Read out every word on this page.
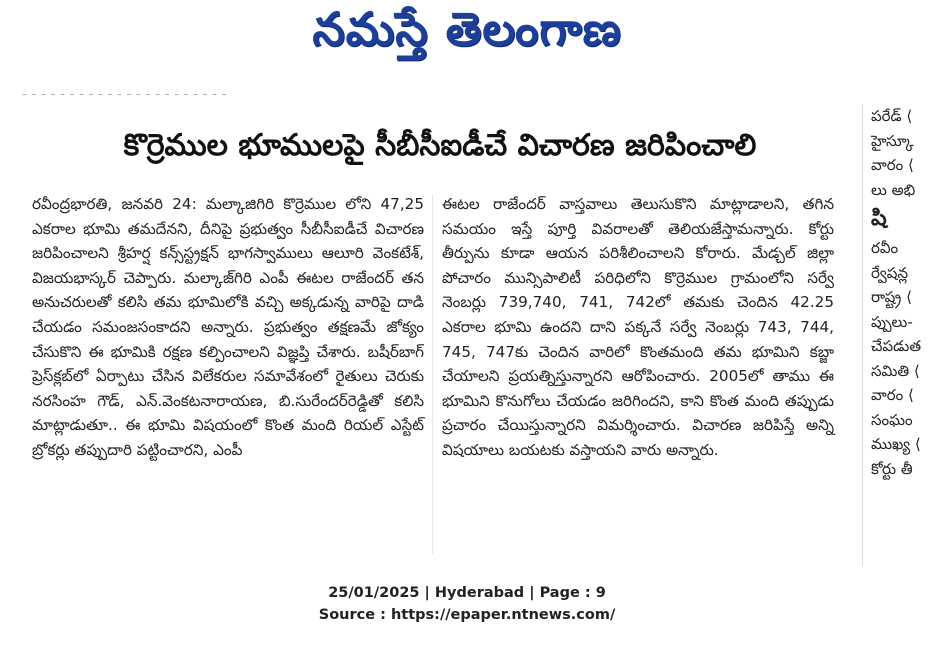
నమస్తే తెలంగాణ
- - - - - - - - - - - - - - - - - - - - - -
కొర్రెముల భూములపై సీబీసీఐడీచే విచారణ జరిపించాలి
రవీంద్రభారతి, జనవరి 24: మల్కాజిగిరి కొర్రెముల లోని 47,25 ఎకరాల భూమి తమదేనని, దీనిపై ప్రభుత్వం సీబీసీఐడీచే విచారణ జరిపించాలని శ్రీహర్ష కన్స్‌స్ట్రక్షన్ భాగస్వాములు ఆలూరి వెంకటేశ్, విజయభాస్కర్ చెప్పారు. మల్కాజ్‌గిరి ఎంపీ ఈటల రాజేందర్ తన అనుచరులతో కలిసి తమ భూమిలోకి వచ్చి అక్కడున్న వారిపై దాడి చేయడం సమంజసంకాదని అన్నారు. ప్రభుత్వం తక్షణమే జోక్యం చేసుకొని ఈ భూమికి రక్షణ కల్పించాలని విజ్ఞప్తి చేశారు. బషీర్‌బాగ్ ప్రెస్‌క్లబ్‌లో ఏర్పాటు చేసిన విలేకరుల సమావేశంలో రైతులు చెరుకు నరసింహ గౌడ్, ఎన్.వెంకటనారాయణ, బి.సురేందర్‌రెడ్డితో కలిసి మాట్లాడుతూ.. ఈ భూమి విషయంలో కొంత మంది రియల్ ఎస్టేట్ బ్రోకర్లు తప్పుదారి పట్టించారని, ఎంపీ
ఈటల రాజేందర్ వాస్తవాలు తెలుసుకొని మాట్లాడాలని, తగిన సమయం ఇస్తే పూర్తి వివరాలతో తెలియజేస్తామన్నారు. కోర్టు తీర్పును కూడా ఆయన పరిశీలించాలని కోరారు. మేడ్చల్ జిల్లా పోచారం మున్సిపాలిటీ పరిధిలోని కొర్రెముల గ్రామంలోని సర్వే నెంబర్లు 739,740, 741, 742లో తమకు చెందిన 42.25 ఎకరాల భూమి ఉందని దాని పక్కనే సర్వే నెంబర్లు 743, 744, 745, 747కు చెందిన వారిలో కొంతమంది తమ భూమిని కబ్జా చేయాలని ప్రయత్నిస్తున్నారని ఆరోపించారు. 2005లో తాము ఈ భూమిని కొనుగోలు చేయడం జరిగిందని, కాని కొంత మంది తప్పుడు ప్రచారం చేయిస్తున్నారని విమర్శించారు. విచారణ జరిపిస్తే అన్ని విషయాలు బయటకు వస్తాయని వారు అన్నారు.
పరేడ్ ⟨
హైస్కూ
వారం ⟨
లు అభి
షి
రవీం
ర్వేషన్ల
రాష్ట్ర ⟨
ప్పులు-
చేపడుత
సమితి ⟨
వారం ⟨
సంఘం
ముఖ్య ⟨
కోర్టు తీ
25/01/2025 | Hyderabad | Page : 9
Source : https://epaper.ntnews.com/
